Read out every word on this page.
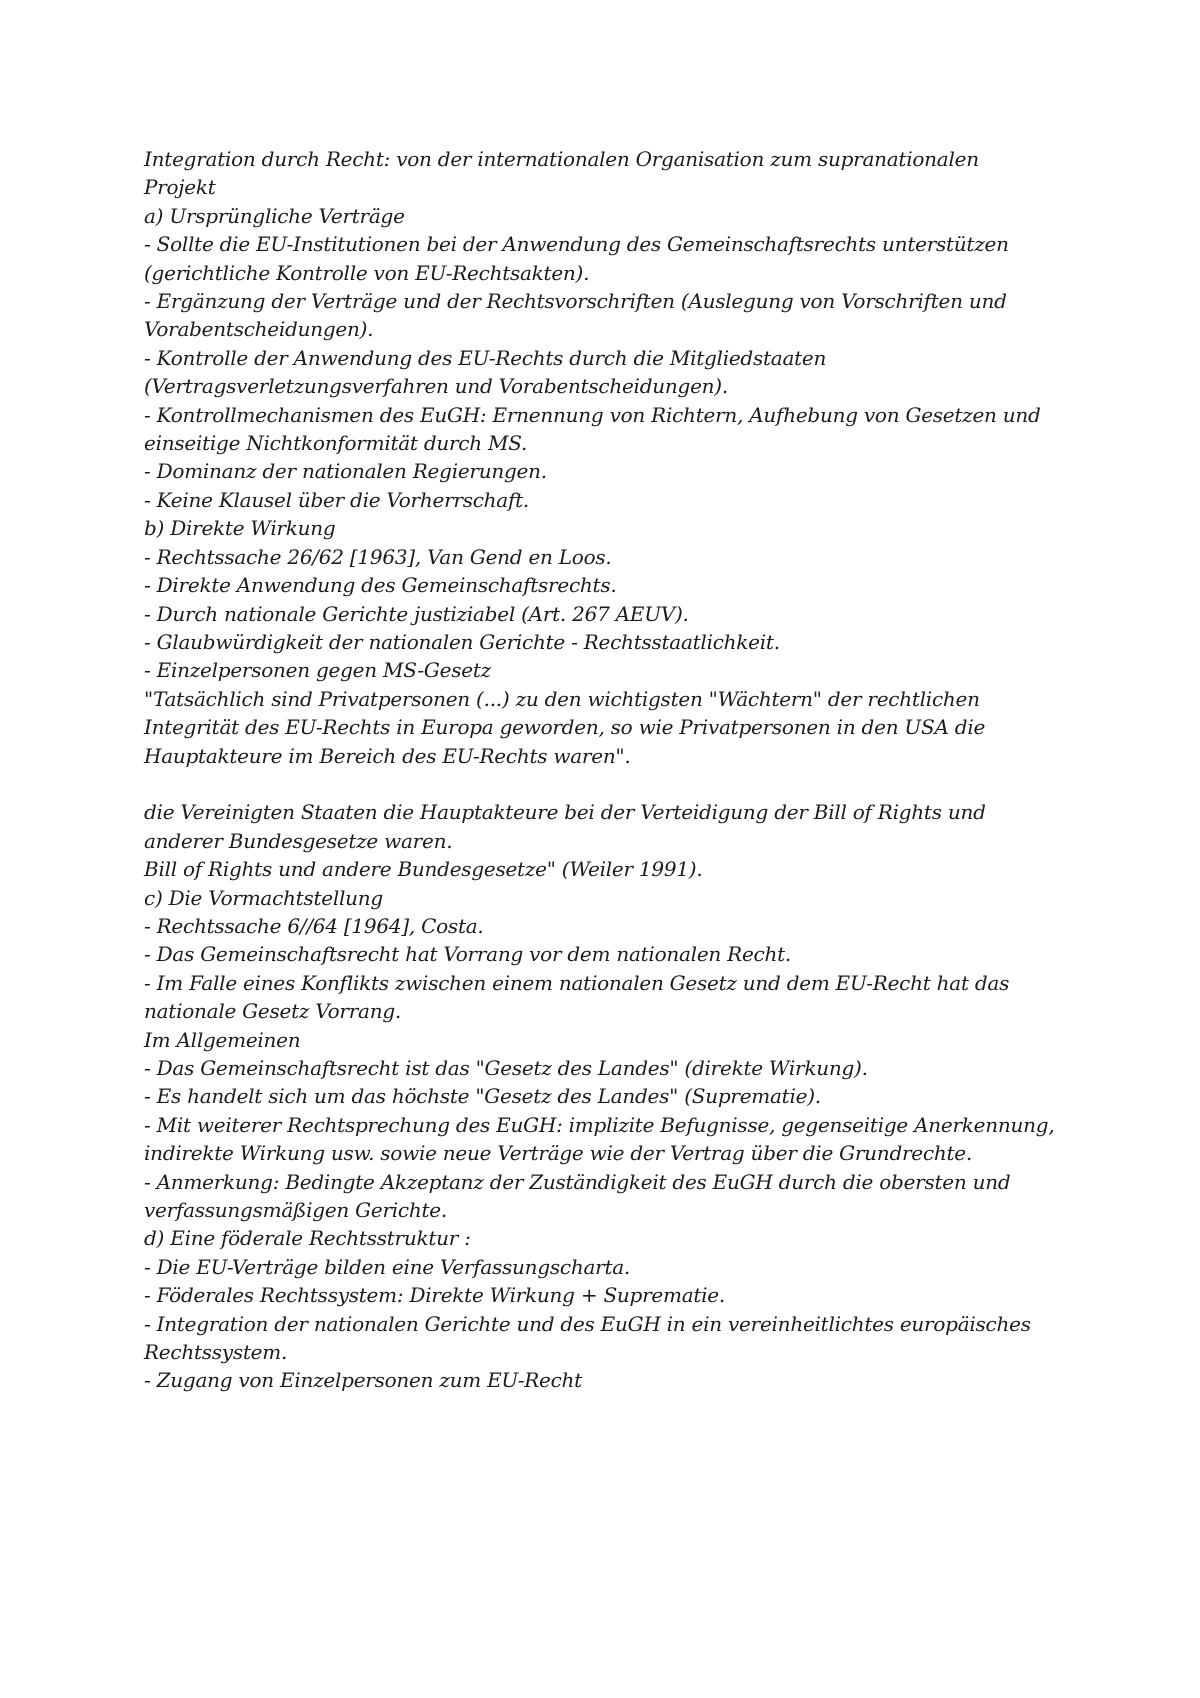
Integration durch Recht: von der internationalen Organisation zum supranationalen

Projekt

a) Ursprüngliche Verträge

- Sollte die EU-Institutionen bei der Anwendung des Gemeinschaftsrechts unterstützen

(gerichtliche Kontrolle von EU-Rechtsakten).

- Ergänzung der Verträge und der Rechtsvorschriften (Auslegung von Vorschriften und

Vorabentscheidungen).

- Kontrolle der Anwendung des EU-Rechts durch die Mitgliedstaaten

(Vertragsverletzungsverfahren und Vorabentscheidungen).

- Kontrollmechanismen des EuGH: Ernennung von Richtern, Aufhebung von Gesetzen und

einseitige Nichtkonformität durch MS.

- Dominanz der nationalen Regierungen.

- Keine Klausel über die Vorherrschaft.

b) Direkte Wirkung

- Rechtssache 26/62 [1963], Van Gend en Loos.

- Direkte Anwendung des Gemeinschaftsrechts.

- Durch nationale Gerichte justiziabel (Art. 267 AEUV).

- Glaubwürdigkeit der nationalen Gerichte - Rechtsstaatlichkeit.

- Einzelpersonen gegen MS-Gesetz

"Tatsächlich sind Privatpersonen (...) zu den wichtigsten "Wächtern" der rechtlichen

Integrität des EU-Rechts in Europa geworden, so wie Privatpersonen in den USA die

Hauptakteure im Bereich des EU-Rechts waren".

die Vereinigten Staaten die Hauptakteure bei der Verteidigung der Bill of Rights und

anderer Bundesgesetze waren.

Bill of Rights und andere Bundesgesetze" (Weiler 1991).

c) Die Vormachtstellung

- Rechtssache 6//64 [1964], Costa.

- Das Gemeinschaftsrecht hat Vorrang vor dem nationalen Recht.

- Im Falle eines Konflikts zwischen einem nationalen Gesetz und dem EU-Recht hat das

nationale Gesetz Vorrang.

Im Allgemeinen

- Das Gemeinschaftsrecht ist das "Gesetz des Landes" (direkte Wirkung).

- Es handelt sich um das höchste "Gesetz des Landes" (Suprematie).

- Mit weiterer Rechtsprechung des EuGH: implizite Befugnisse, gegenseitige Anerkennung,

indirekte Wirkung usw. sowie neue Verträge wie der Vertrag über die Grundrechte.

- Anmerkung: Bedingte Akzeptanz der Zuständigkeit des EuGH durch die obersten und

verfassungsmäßigen Gerichte.

d) Eine föderale Rechtsstruktur :

- Die EU-Verträge bilden eine Verfassungscharta.

- Föderales Rechtssystem: Direkte Wirkung + Suprematie.

- Integration der nationalen Gerichte und des EuGH in ein vereinheitlichtes europäisches

Rechtssystem.

- Zugang von Einzelpersonen zum EU-Recht
